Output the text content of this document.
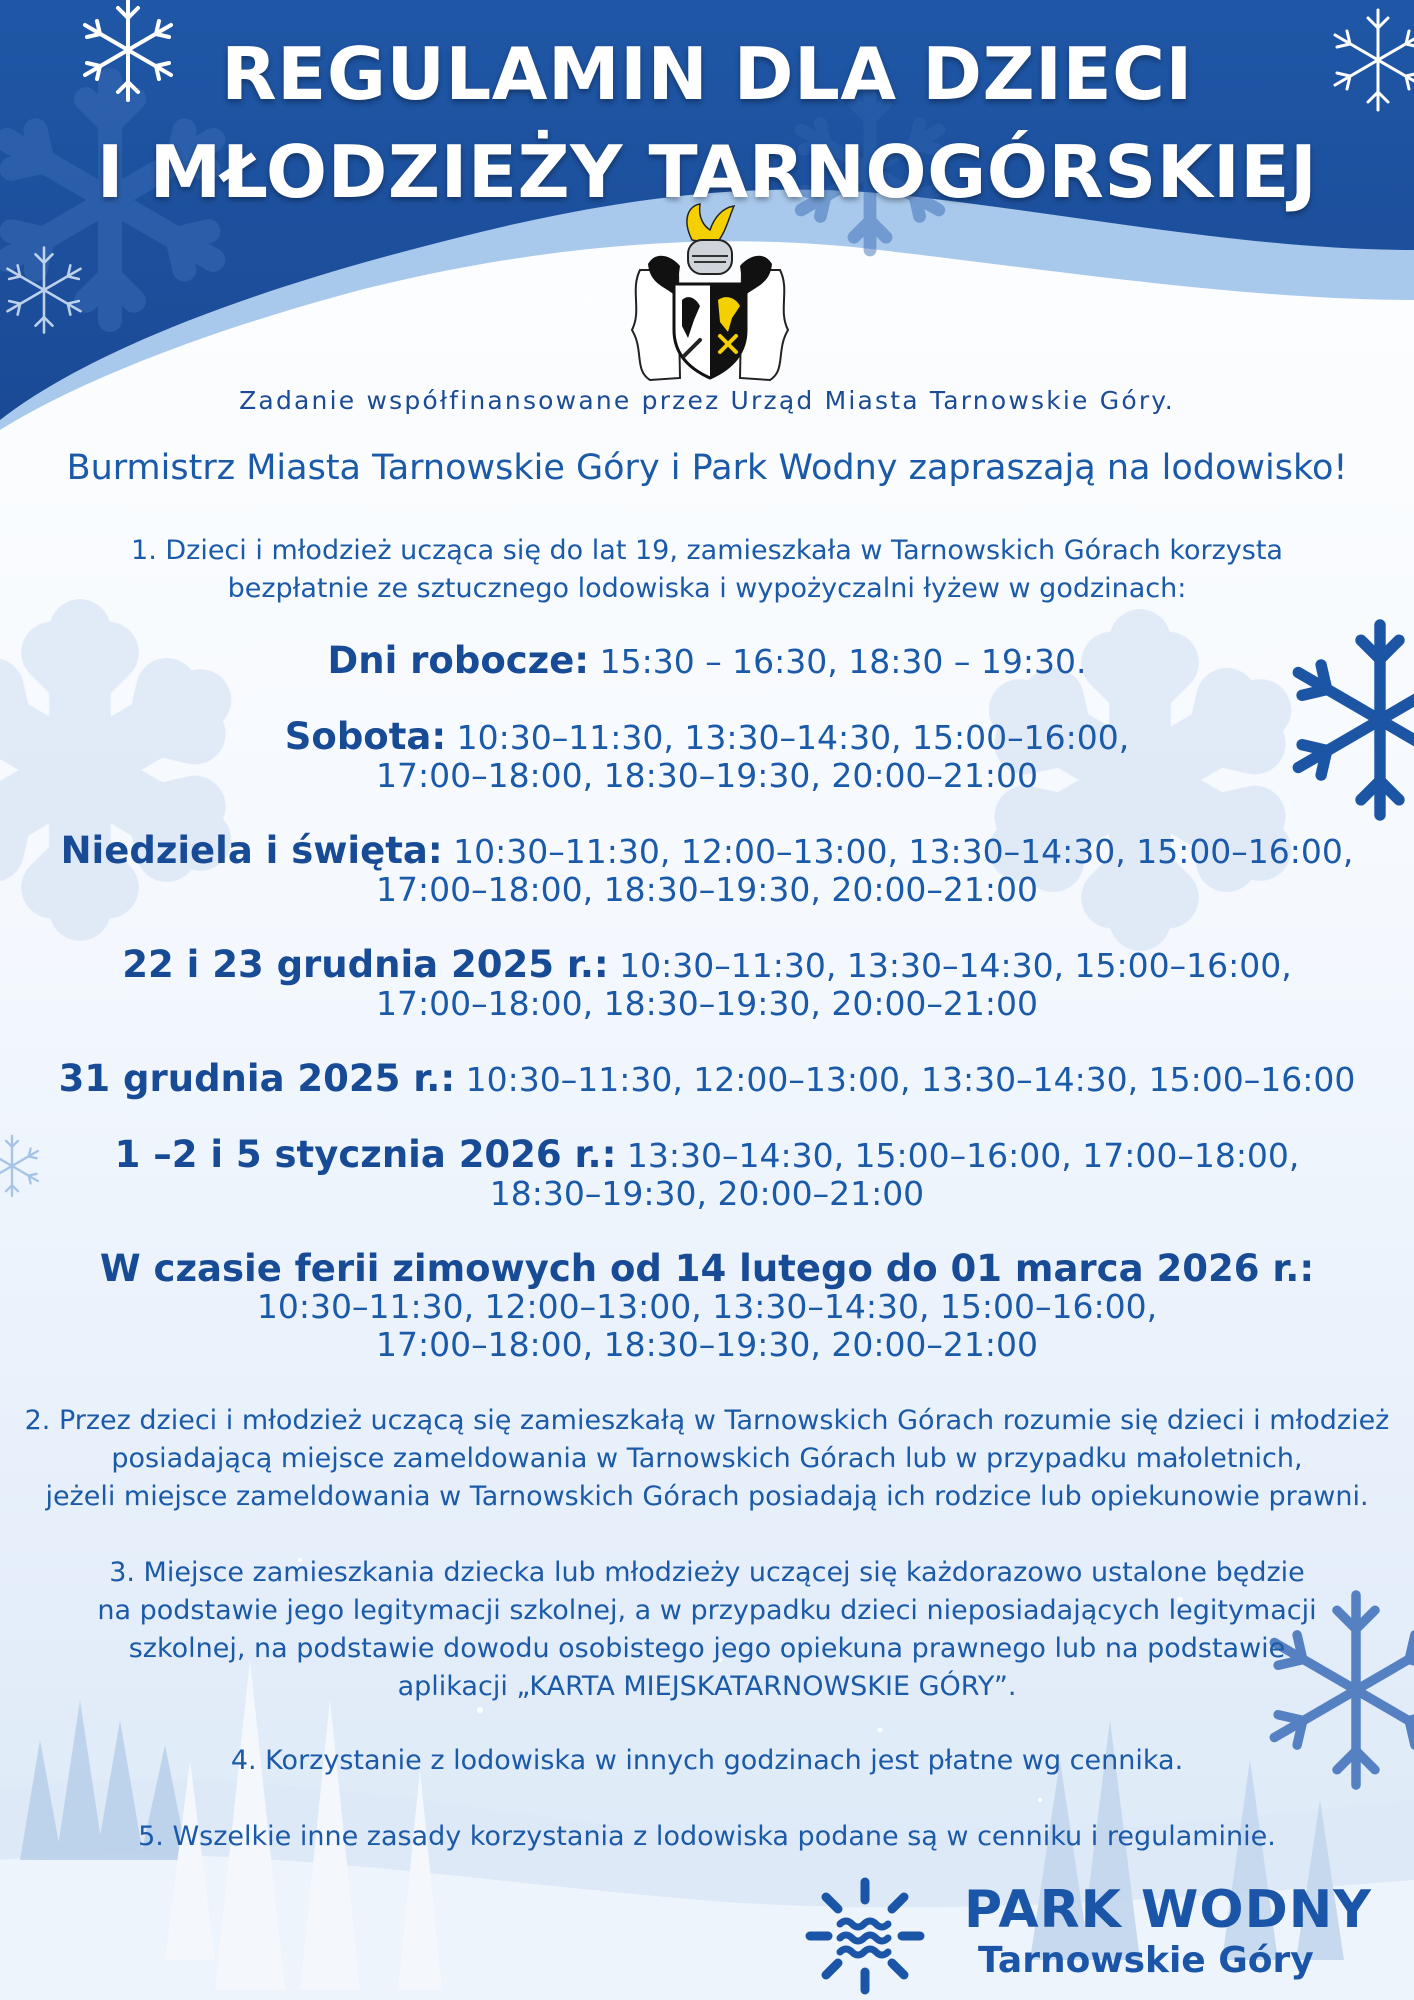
REGULAMIN DLA DZIECI
I MŁODZIEŻY TARNOGÓRSKIEJ
Zadanie współfinansowane przez Urząd Miasta Tarnowskie Góry.
Burmistrz Miasta Tarnowskie Góry i Park Wodny zapraszają na lodowisko!
1. Dzieci i młodzież ucząca się do lat 19, zamieszkała w Tarnowskich Górach korzysta
bezpłatnie ze sztucznego lodowiska i wypożyczalni łyżew w godzinach:
Dni robocze: 15:30 – 16:30, 18:30 – 19:30.
Sobota: 10:30–11:30, 13:30–14:30, 15:00–16:00,
17:00–18:00, 18:30–19:30, 20:00–21:00
Niedziela i święta: 10:30–11:30, 12:00–13:00, 13:30–14:30, 15:00–16:00,
17:00–18:00, 18:30–19:30, 20:00–21:00
22 i 23 grudnia 2025 r.: 10:30–11:30, 13:30–14:30, 15:00–16:00,
17:00–18:00, 18:30–19:30, 20:00–21:00
31 grudnia 2025 r.: 10:30–11:30, 12:00–13:00, 13:30–14:30, 15:00–16:00
1 –2 i 5 stycznia 2026 r.: 13:30–14:30, 15:00–16:00, 17:00–18:00,
18:30–19:30, 20:00–21:00
W czasie ferii zimowych od 14 lutego do 01 marca 2026 r.:
10:30–11:30, 12:00–13:00, 13:30–14:30, 15:00–16:00,
17:00–18:00, 18:30–19:30, 20:00–21:00
2. Przez dzieci i młodzież uczącą się zamieszkałą w Tarnowskich Górach rozumie się dzieci i młodzież
posiadającą miejsce zameldowania w Tarnowskich Górach lub w przypadku małoletnich,
jeżeli miejsce zameldowania w Tarnowskich Górach posiadają ich rodzice lub opiekunowie prawni.
3. Miejsce zamieszkania dziecka lub młodzieży uczącej się każdorazowo ustalone będzie
na podstawie jego legitymacji szkolnej, a w przypadku dzieci nieposiadających legitymacji
szkolnej, na podstawie dowodu osobistego jego opiekuna prawnego lub na podstawie
aplikacji „KARTA MIEJSKATARNOWSKIE GÓRY”.
4. Korzystanie z lodowiska w innych godzinach jest płatne wg cennika.
5. Wszelkie inne zasady korzystania z lodowiska podane są w cenniku i regulaminie.
PARK WODNY
Tarnowskie Góry
